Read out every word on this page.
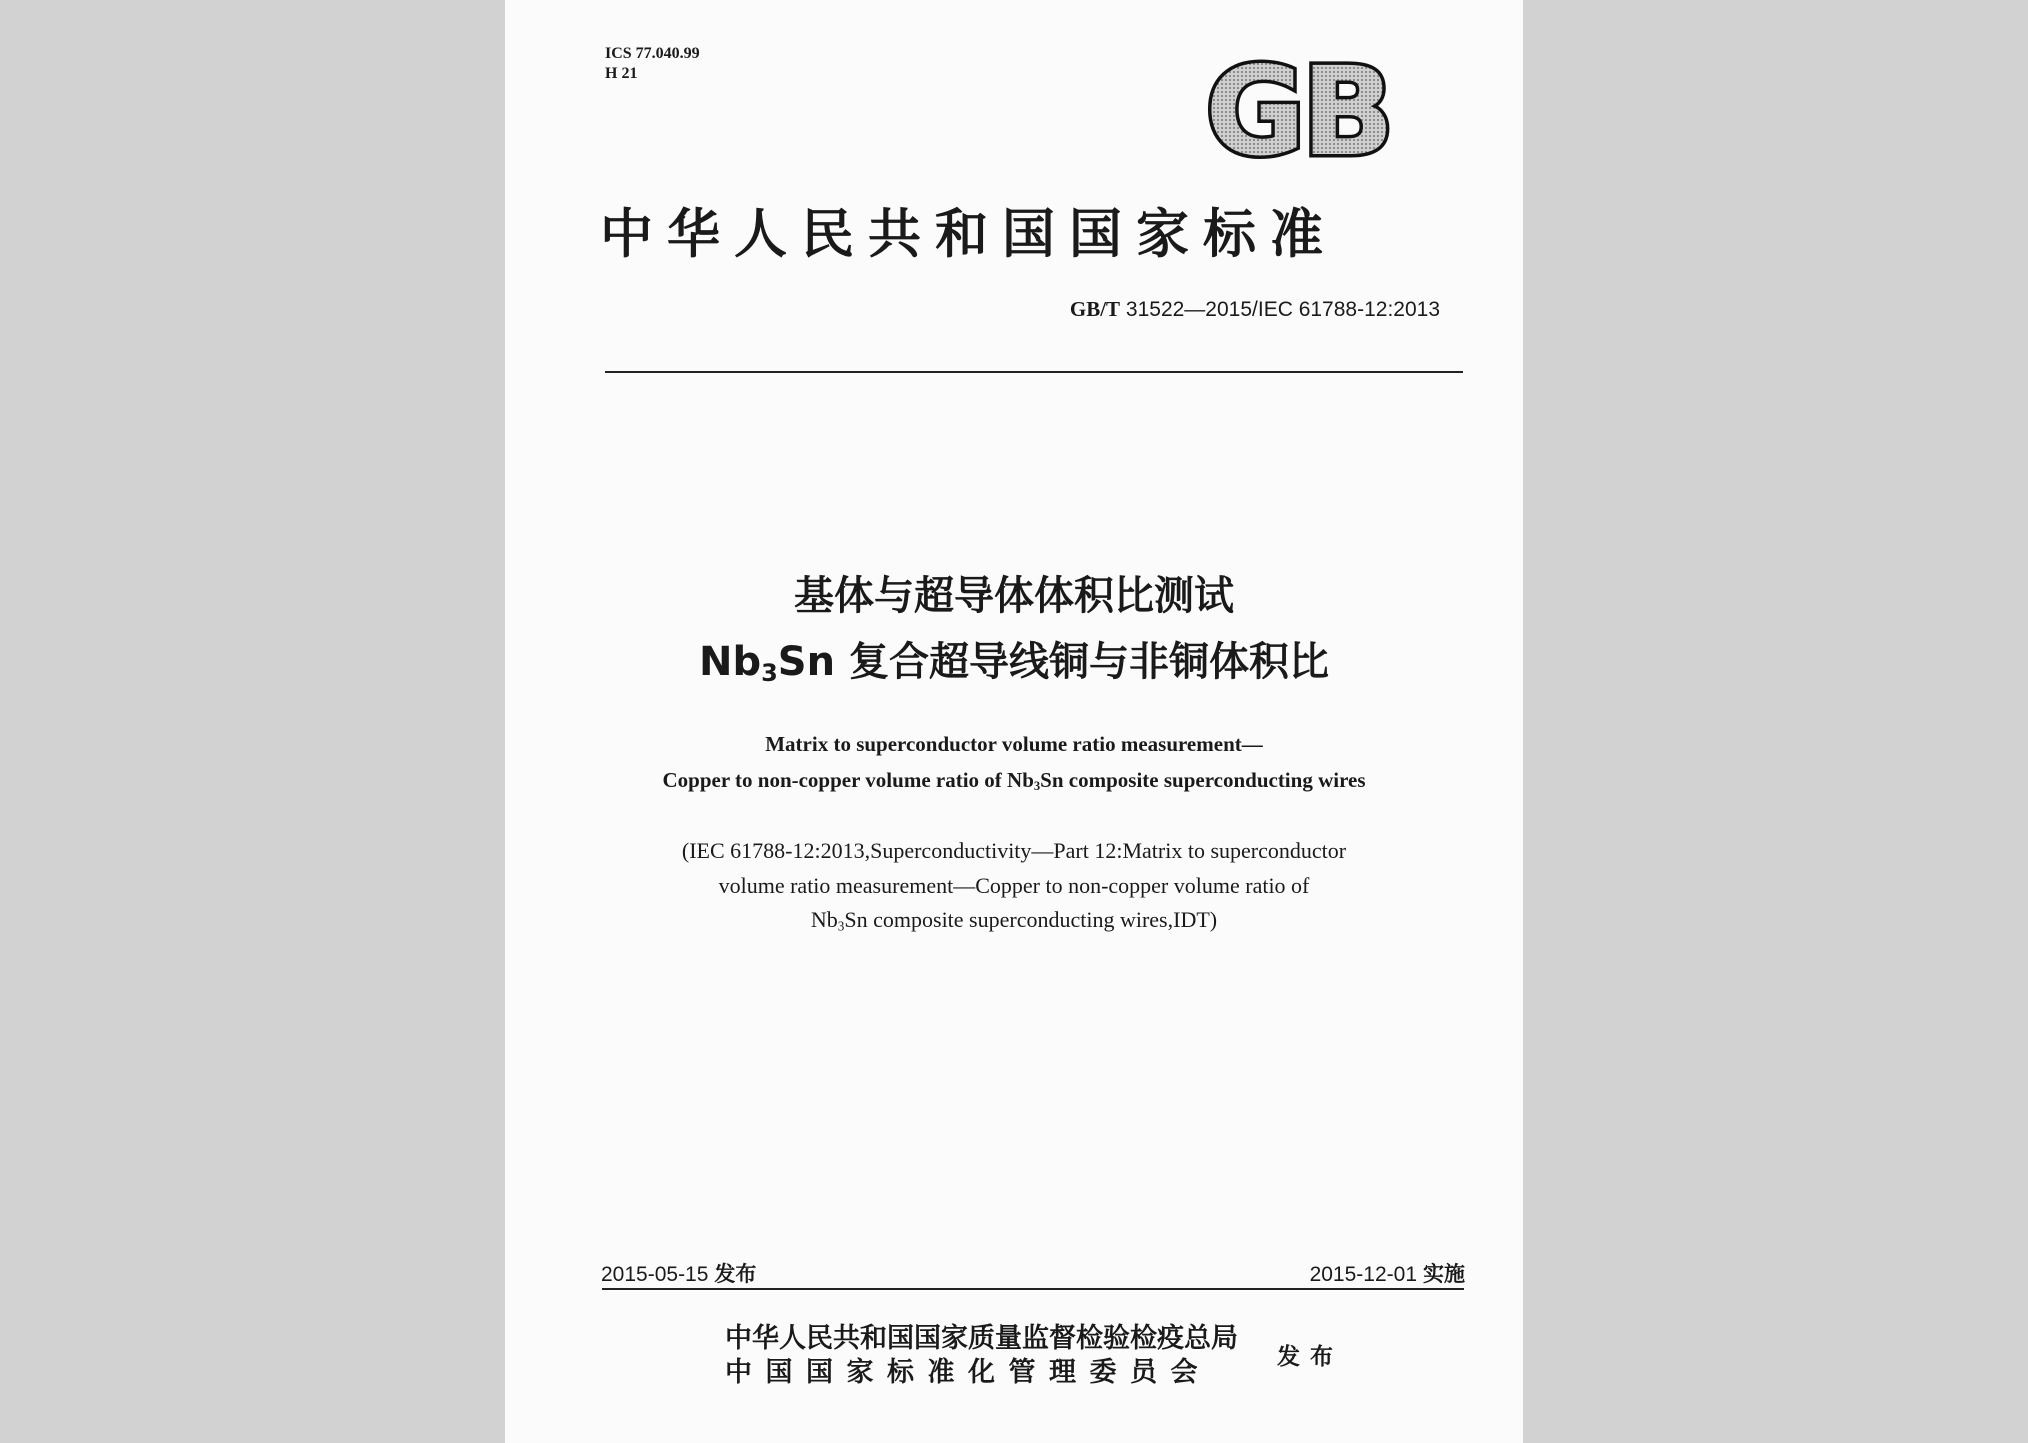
ICS 77.040.99
H 21	GB
中华人民共和国国家标准
GB/T 31522—2015/IEC 61788-12:2013
基体与超导体体积比测试
$Nb_3Sn$ 复合超导线铜与非铜体积比
Matrix to superconductor volume ratio measurement—
Copper to non-copper volume ratio of $Nb_3Sn$ composite superconducting wires
(IEC 61788-12:2013,Superconductivity—Part 12:Matrix to superconductor
volume ratio measurement—Copper to non-copper volume ratio of
$Nb_3Sn$ composite superconducting wires,IDT)
2015-05-15 发布	2015-12-01 实施
中华人民共和国国家质量监督检验检疫总局
中国国家标准化管理委员会
发布
